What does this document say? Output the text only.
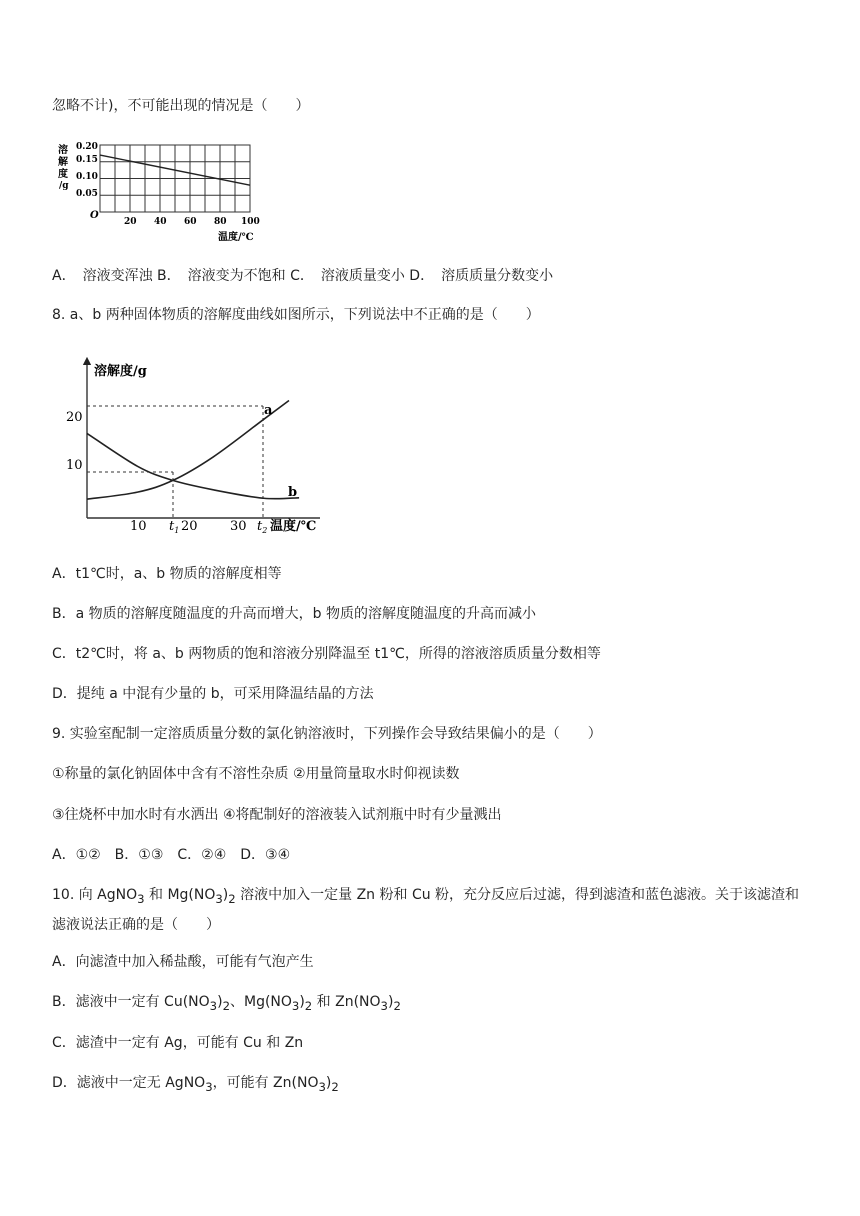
忽略不计)，不可能出现的情况是（　　）
溶
解
度
/g
0.20
0.15
0.10
0.05
O
20 40 60 80 100
温度/℃
A．　溶液变浑浊 B．　溶液变为不饱和 C．　溶液质量变小 D．　溶质质量分数变小
8. a、b 两种固体物质的溶解度曲线如图所示，下列说法中不正确的是（　　）
溶解度/g
20
10
a
b
10 $t_1$ 20 30 $t_2$ 温度/℃
A．t1℃时，a、b 物质的溶解度相等
B．a 物质的溶解度随温度的升高而增大，b 物质的溶解度随温度的升高而减小
C．t2℃时，将 a、b 两物质的饱和溶液分别降温至 t1℃，所得的溶液溶质质量分数相等
D．提纯 a 中混有少量的 b，可采用降温结晶的方法
9. 实验室配制一定溶质质量分数的氯化钠溶液时，下列操作会导致结果偏小的是（　　）
①称量的氯化钠固体中含有不溶性杂质 ②用量筒量取水时仰视读数
③往烧杯中加水时有水洒出 ④将配制好的溶液装入试剂瓶中时有少量溅出
A．①②　B．①③　C．②④　D．③④
10. 向 AgNO$_3$ 和 $Mg(NO_3)_2$ 溶液中加入一定量 Zn 粉和 Cu 粉，充分反应后过滤，得到滤渣和蓝色滤液。关于该滤渣和
滤液说法正确的是（　　）
A．向滤渣中加入稀盐酸，可能有气泡产生
B．滤液中一定有 $Cu(NO_3)_2$、$Mg(NO_3)_2$ 和 $Zn(NO_3)_2$
C．滤渣中一定有 Ag，可能有 Cu 和 Zn
D．滤液中一定无 AgNO$_3$，可能有 $Zn(NO_3)_2$
